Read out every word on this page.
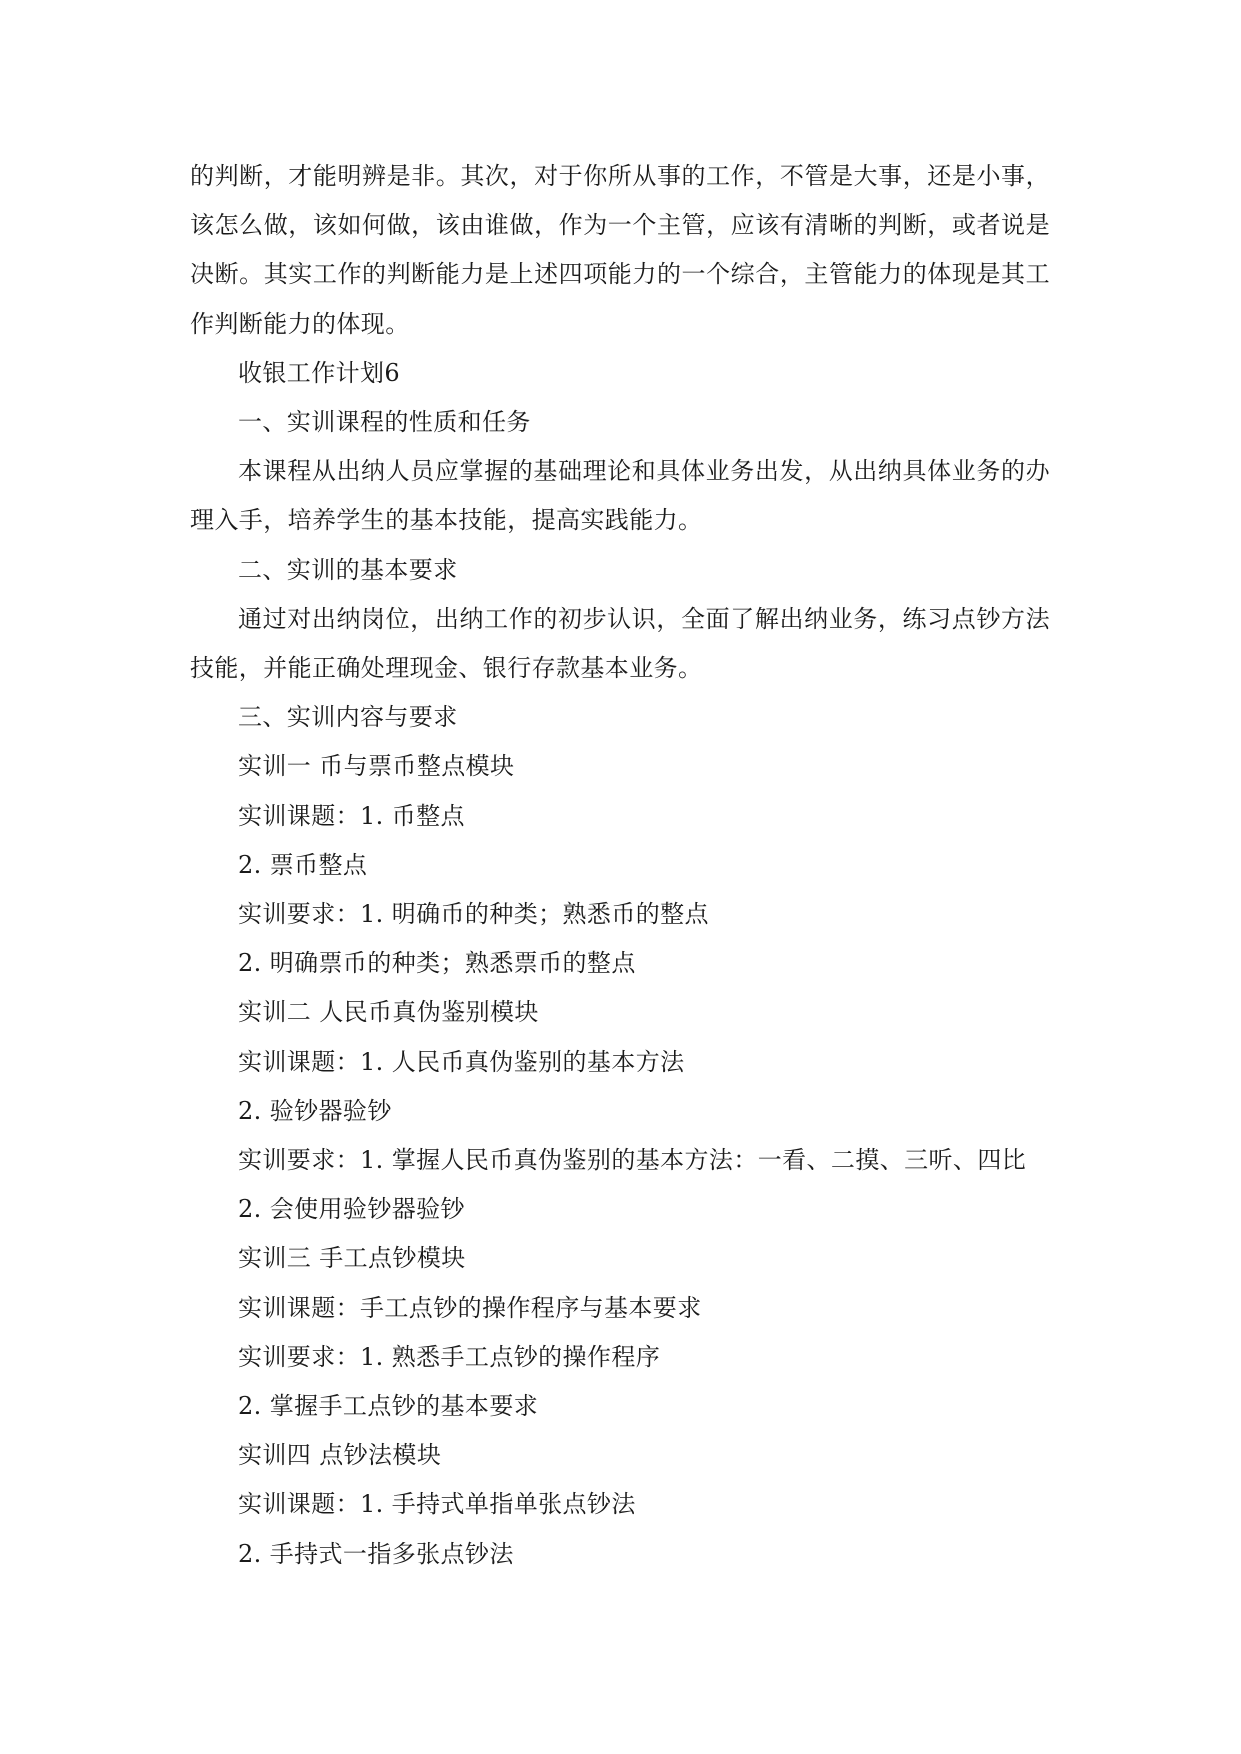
的判断，才能明辨是非。其次，对于你所从事的工作，不管是大事，还是小事，该怎么做，该如何做，该由谁做，作为一个主管，应该有清晰的判断，或者说是决断。其实工作的判断能力是上述四项能力的一个综合，主管能力的体现是其工作判断能力的体现。

收银工作计划6

一、实训课程的性质和任务

本课程从出纳人员应掌握的基础理论和具体业务出发，从出纳具体业务的办理入手，培养学生的基本技能，提高实践能力。

二、实训的基本要求

通过对出纳岗位，出纳工作的初步认识，全面了解出纳业务，练习点钞方法技能，并能正确处理现金、银行存款基本业务。

三、实训内容与要求

实训一 币与票币整点模块

实训课题：1. 币整点

2. 票币整点

实训要求：1. 明确币的种类；熟悉币的整点

2. 明确票币的种类；熟悉票币的整点

实训二 人民币真伪鉴别模块

实训课题：1. 人民币真伪鉴别的基本方法

2. 验钞器验钞

实训要求：1. 掌握人民币真伪鉴别的基本方法：一看、二摸、三听、四比

2. 会使用验钞器验钞

实训三 手工点钞模块

实训课题：手工点钞的操作程序与基本要求

实训要求：1. 熟悉手工点钞的操作程序

2. 掌握手工点钞的基本要求

实训四 点钞法模块

实训课题：1. 手持式单指单张点钞法

2. 手持式一指多张点钞法
